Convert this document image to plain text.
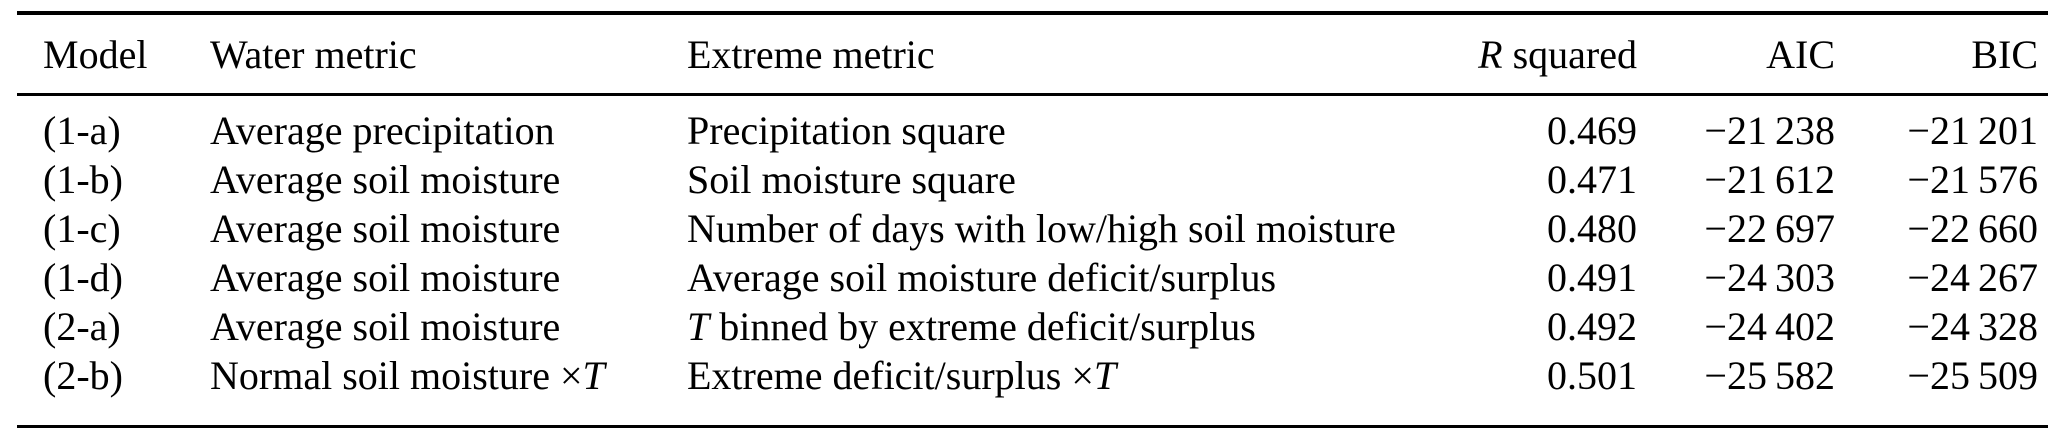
Model	Water metric	Extreme metric	R squared	AIC	BIC
(1-a)	Average precipitation	Precipitation square	0.469	−21 238	−21 201
(1-b)	Average soil moisture	Soil moisture square	0.471	−21 612	−21 576
(1-c)	Average soil moisture	Number of days with low/high soil moisture	0.480	−22 697	−22 660
(1-d)	Average soil moisture	Average soil moisture deficit/surplus	0.491	−24 303	−24 267
(2-a)	Average soil moisture	T binned by extreme deficit/surplus	0.492	−24 402	−24 328
(2-b)	Normal soil moisture ×T	Extreme deficit/surplus ×T	0.501	−25 582	−25 509
